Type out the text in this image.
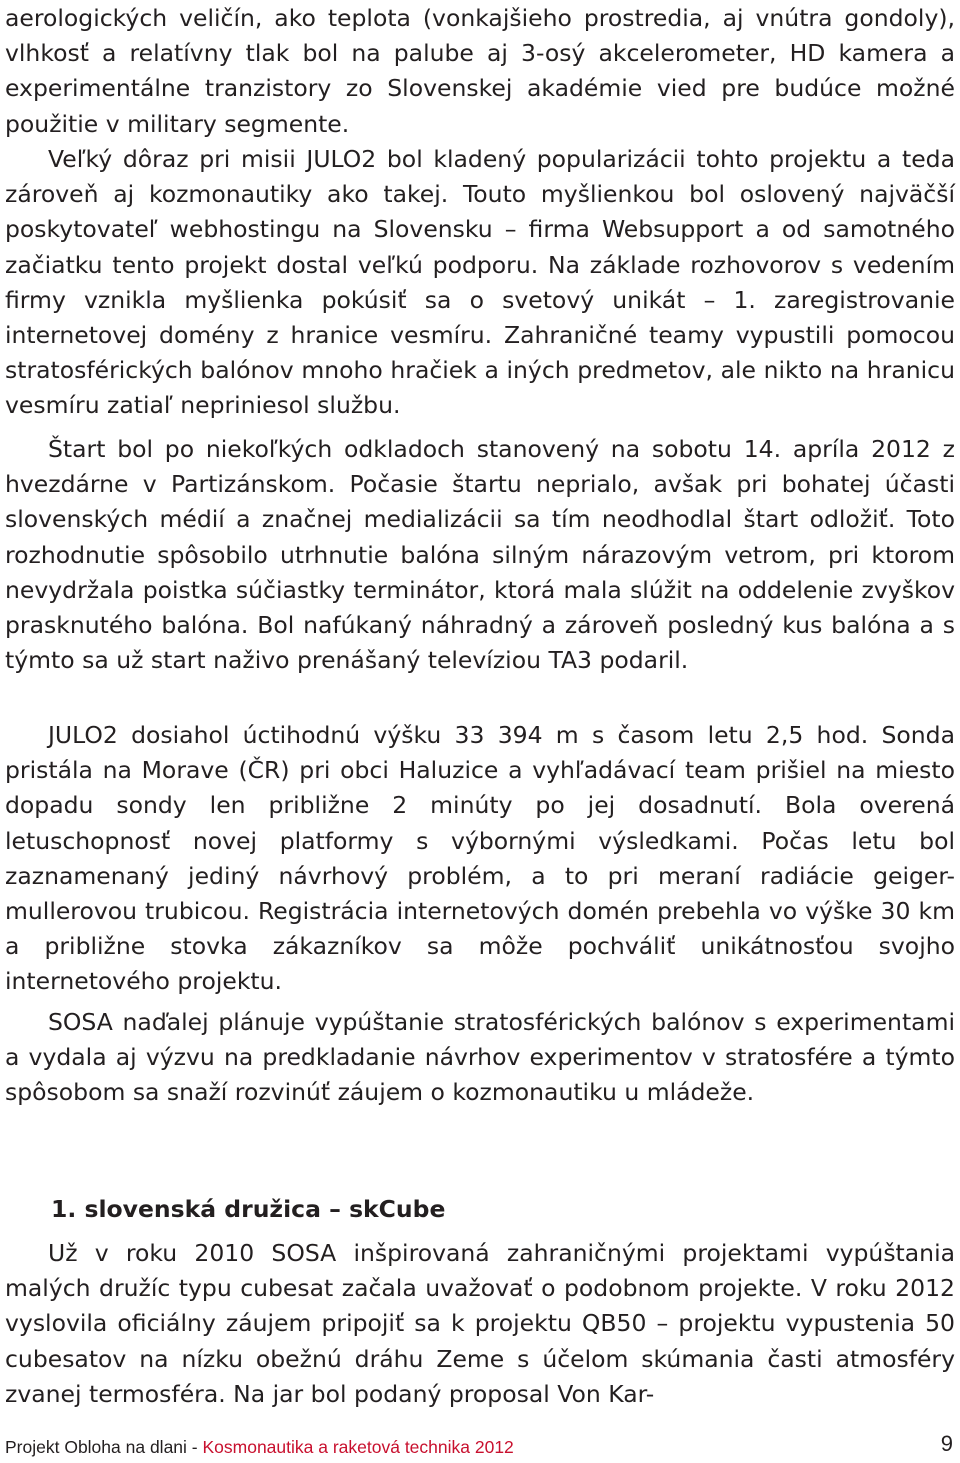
aerologických veličín, ako teplota (vonkajšieho prostredia, aj vnútra gondoly), vlhkosť a relatívny tlak bol na palube aj 3-osý akcelerometer, HD kamera a experimentálne tranzistory zo Slovenskej akadémie vied pre budúce možné použitie v military segmente.

Veľký dôraz pri misii JULO2 bol kladený popularizácii tohto projektu a teda zároveň aj kozmonautiky ako takej. Touto myšlienkou bol oslovený najväčší poskytovateľ webhostingu na Slovensku – firma Websupport a od samotného začiatku tento projekt dostal veľkú podporu. Na základe rozhovorov s vedením firmy vznikla myšlienka pokúsiť sa o svetový unikát – 1. zaregistrovanie internetovej domény z hranice vesmíru. Zahraničné teamy vypustili pomocou stratosférických balónov mnoho hračiek a iných predmetov, ale nikto na hranicu vesmíru zatiaľ nepriniesol službu.

Štart bol po niekoľkých odkladoch stanovený na sobotu 14. apríla 2012 z hvezdárne v Partizánskom. Počasie štartu neprialo, avšak pri bohatej účasti slovenských médií a značnej medializácii sa tím neodhodlal štart odložiť. Toto rozhodnutie spôsobilo utrhnutie balóna silným nárazovým vetrom, pri ktorom nevydržala poistka súčiastky terminátor, ktorá mala slúžit na oddelenie zvyškov prasknutého balóna. Bol nafúkaný náhradný a zároveň posledný kus balóna a s týmto sa už start naživo prenášaný televíziou TA3 podaril.

JULO2 dosiahol úctihodnú výšku 33 394 m s časom letu 2,5 hod. Sonda pristála na Morave (ČR) pri obci Haluzice a vyhľadávací team prišiel na miesto dopadu sondy len približne 2 minúty po jej dosadnutí. Bola overená letuschopnosť novej platformy s výbornými výsledkami. Počas letu bol zaznamenaný jediný návrhový problém, a to pri meraní radiácie geiger-mullerovou trubicou. Registrácia internetových domén prebehla vo výške 30 km a približne stovka zákazníkov sa môže pochváliť unikátnosťou svojho internetového projektu.

SOSA naďalej plánuje vypúštanie stratosférických balónov s experimentami a vydala aj výzvu na predkladanie návrhov experimentov v stratosfére a týmto spôsobom sa snaží rozvinúť záujem o kozmonautiku u mládeže.

1. slovenská družica – skCube

Už v roku 2010 SOSA inšpirovaná zahraničnými projektami vypúštania malých družíc typu cubesat začala uvažovať o podobnom projekte. V roku 2012 vyslovila oficiálny záujem pripojiť sa k projektu QB50 – projektu vypustenia 50 cubesatov na nízku obežnú dráhu Zeme s účelom skúmania časti atmosféry zvanej termosféra. Na jar bol podaný proposal Von Kar-

Projekt Obloha na dlani - Kosmonautika a raketová technika 2012	9
